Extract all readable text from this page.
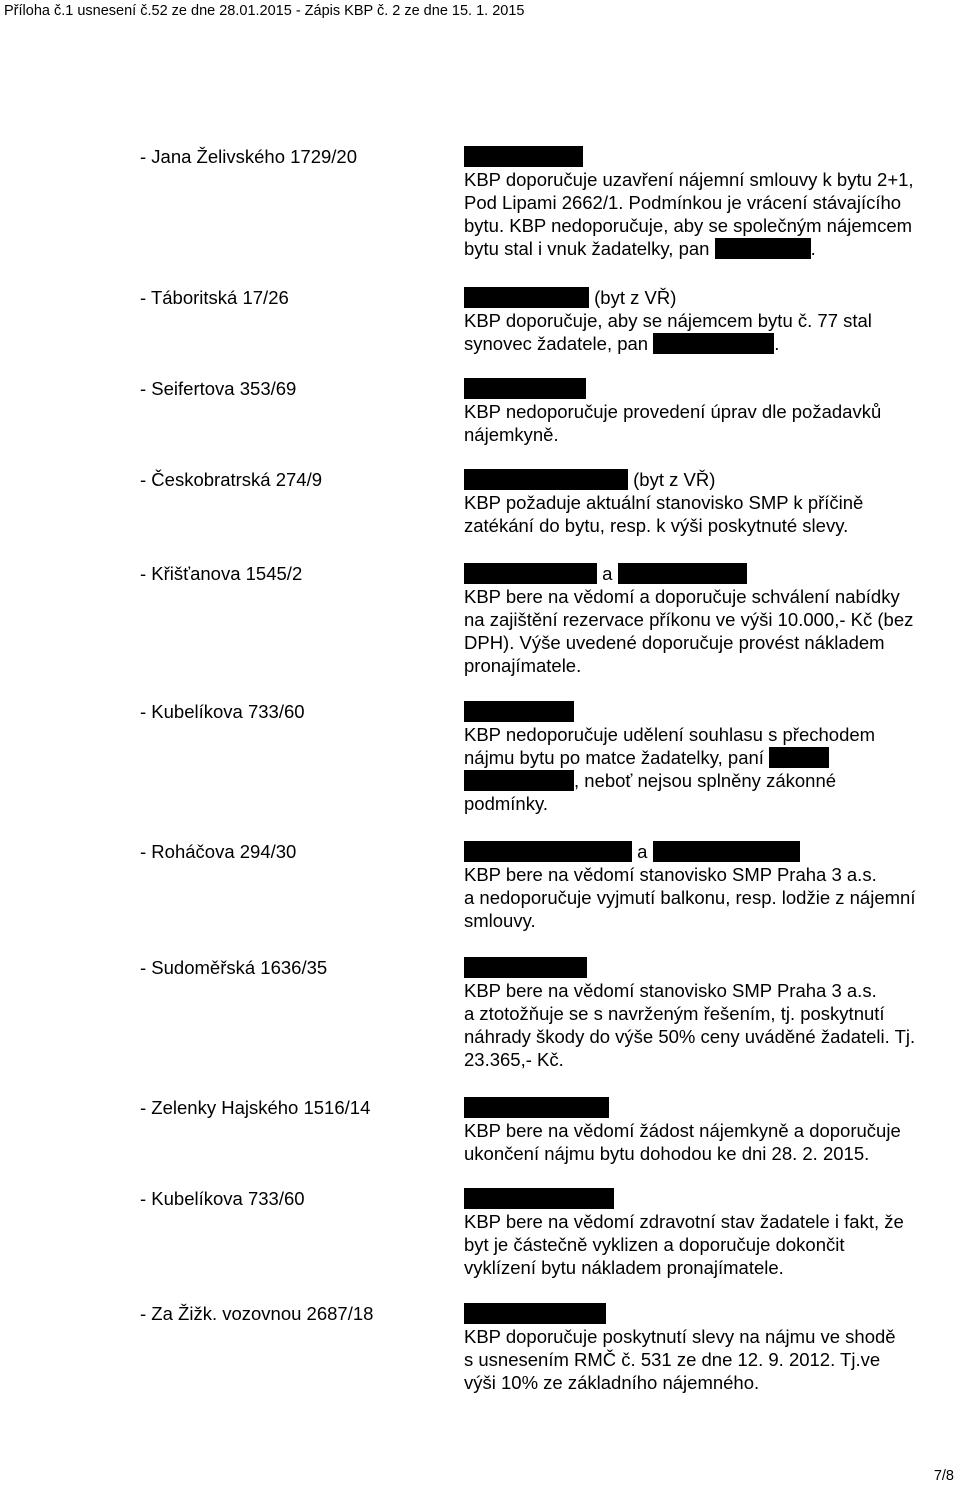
Příloha č.1 usnesení č.52 ze dne 28.01.2015 - Zápis KBP č. 2 ze dne 15. 1. 2015
- Jana Želivského 1729/20
KBP doporučuje uzavření nájemní smlouvy k bytu 2+1,
Pod Lipami 2662/1. Podmínkou je vrácení stávajícího
bytu. KBP nedoporučuje, aby se společným nájemcem
bytu stal i vnuk žadatelky, pan	.
- Táboritská 17/26	(byt z VŘ)
KBP doporučuje, aby se nájemcem bytu č. 77 stal
synovec žadatele, pan	.
- Seifertova 353/69
KBP nedoporučuje provedení úprav dle požadavků
nájemkyně.
- Českobratrská 274/9	(byt z VŘ)
KBP požaduje aktuální stanovisko SMP k příčině
zatékání do bytu, resp. k výši poskytnuté slevy.
- Křišťanova 1545/2	a
KBP bere na vědomí a doporučuje schválení nabídky
na zajištění rezervace příkonu ve výši 10.000,- Kč (bez
DPH). Výše uvedené doporučuje provést nákladem
pronajímatele.
- Kubelíkova 733/60
KBP nedoporučuje udělení souhlasu s přechodem
nájmu bytu po matce žadatelky, paní
, neboť nejsou splněny zákonné
podmínky.
- Roháčova 294/30	a
KBP bere na vědomí stanovisko SMP Praha 3 a.s.
a nedoporučuje vyjmutí balkonu, resp. lodžie z nájemní
smlouvy.
- Sudoměřská 1636/35
KBP bere na vědomí stanovisko SMP Praha 3 a.s.
a ztotožňuje se s navrženým řešením, tj. poskytnutí
náhrady škody do výše 50% ceny uváděné žadateli. Tj.
23.365,- Kč.
- Zelenky Hajského 1516/14
KBP bere na vědomí žádost nájemkyně a doporučuje
ukončení nájmu bytu dohodou ke dni 28. 2. 2015.
- Kubelíkova 733/60
KBP bere na vědomí zdravotní stav žadatele i fakt, že
byt je částečně vyklizen a doporučuje dokončit
vyklízení bytu nákladem pronajímatele.
- Za Žižk. vozovnou 2687/18
KBP doporučuje poskytnutí slevy na nájmu ve shodě
s usnesením RMČ č. 531 ze dne 12. 9. 2012. Tj.ve
výši 10% ze základního nájemného.
7/8
